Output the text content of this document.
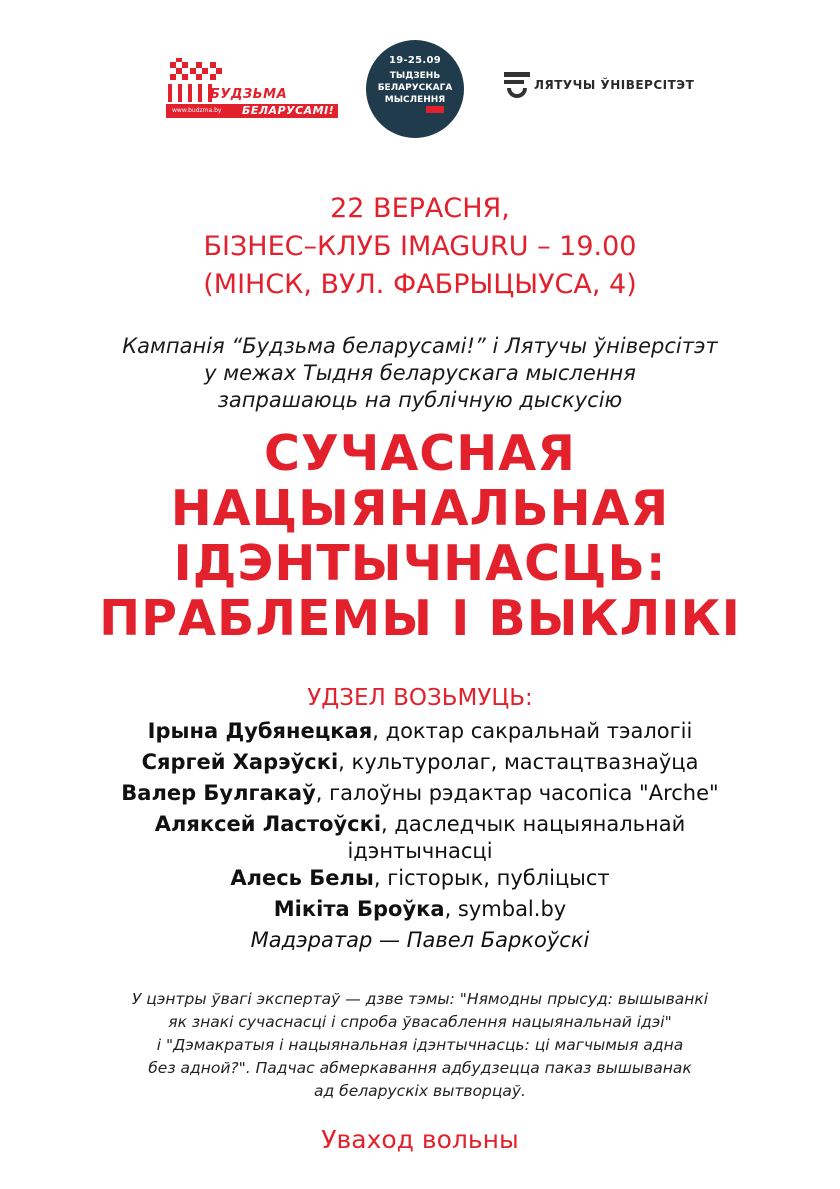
БУДЗЬМА
www.budzma.by БЕЛАРУСАМІ!
19-25.09
ТЫДЗЕНЬ
БЕЛАРУСКАГА
МЫСЛЕННЯ
ЛЯТУЧЫ ЎНІВЕРСІТЭТ
22 ВЕРАСНЯ,
БІЗНЕС–КЛУБ IMAGURU – 19.00
(МІНСК, ВУЛ. ФАБРЫЦЫУСА, 4)
Кампанія “Будзьма беларусамі!” і Лятучы ўніверсітэт
у межах Тыдня беларускага мыслення
запрашаюць на публічную дыскусію
СУЧАСНАЯ
НАЦЫЯНАЛЬНАЯ
ІДЭНТЫЧНАСЦЬ:
ПРАБЛЕМЫ І ВЫКЛІКІ
УДЗЕЛ ВОЗЬМУЦЬ:
Ірына Дубянецкая, доктар сакральнай тэалогіі
Сяргей Харэўскі, культуролаг, мастацтвазнаўца
Валер Булгакаў, галоўны рэдактар часопіса "Arche"
Аляксей Ластоўскі, даследчык нацыянальнай
ідэнтычнасці
Алесь Белы, гісторык, публіцыст
Мікіта Броўка, symbal.by
Мадэратар — Павел Баркоўскі
У цэнтры ўвагі экспертаў — дзве тэмы: "Нямодны прысуд: вышыванкі
як знакі сучаснасці і спроба ўвасаблення нацыянальнай ідэі"
і "Дэмакратыя і нацыянальная ідэнтычнасць: ці магчымыя адна
без адной?". Падчас абмеркавання адбудзецца паказ вышыванак
ад беларускіх вытворцаў.
Уваход вольны
